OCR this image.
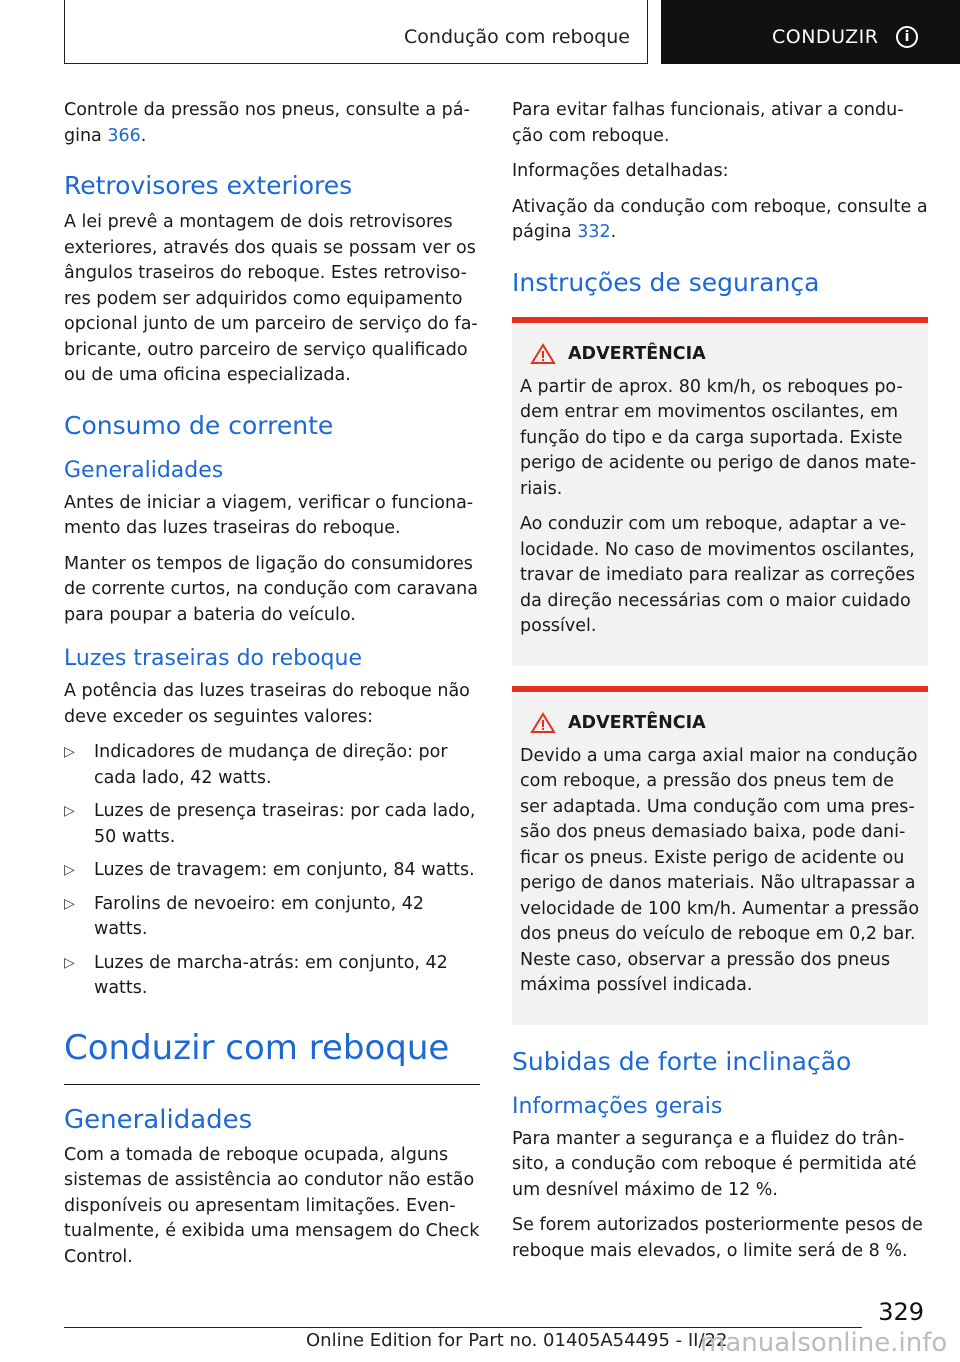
Condução com reboque	CONDUZIR	i

Controle da pressão nos pneus, consulte a pá-gina 366.

Retrovisores exteriores

A lei prevê a montagem de dois retrovisores exteriores, através dos quais se possam ver os ângulos traseiros do reboque. Estes retroviso-res podem ser adquiridos como equipamento opcional junto de um parceiro de serviço do fa-bricante, outro parceiro de serviço qualificado ou de uma oficina especializada.

Consumo de corrente
Generalidades

Antes de iniciar a viagem, verificar o funciona-mento das luzes traseiras do reboque.

Manter os tempos de ligação do consumidores de corrente curtos, na condução com caravana para poupar a bateria do veículo.

Luzes traseiras do reboque

A potência das luzes traseiras do reboque não deve exceder os seguintes valores:

▷ Indicadores de mudança de direção: por cada lado, 42 watts.
▷ Luzes de presença traseiras: por cada lado, 50 watts.
▷ Luzes de travagem: em conjunto, 84 watts.
▷ Farolins de nevoeiro: em conjunto, 42 watts.
▷ Luzes de marcha-atrás: em conjunto, 42 watts.
Conduzir com reboque
Generalidades

Com a tomada de reboque ocupada, alguns sistemas de assistência ao condutor não estão disponíveis ou apresentam limitações. Even-tualmente, é exibida uma mensagem do Check Control.

Para evitar falhas funcionais, ativar a condu-ção com reboque.

Informações detalhadas:

Ativação da condução com reboque, consulte a página 332.

Instruções de segurança
ADVERTÊNCIA

A partir de aprox. 80 km/h, os reboques po-dem entrar em movimentos oscilantes, em função do tipo e da carga suportada. Existe perigo de acidente ou perigo de danos mate-riais.

Ao conduzir com um reboque, adaptar a ve-locidade. No caso de movimentos oscilantes, travar de imediato para realizar as correções da direção necessárias com o maior cuidado possível.

ADVERTÊNCIA

Devido a uma carga axial maior na condução com reboque, a pressão dos pneus tem de ser adaptada. Uma condução com uma pres-são dos pneus demasiado baixa, pode dani-ficar os pneus. Existe perigo de acidente ou perigo de danos materiais. Não ultrapassar a velocidade de 100 km/h. Aumentar a pressão dos pneus do veículo de reboque em 0,2 bar. Neste caso, observar a pressão dos pneus máxima possível indicada.

Subidas de forte inclinação
Informações gerais

Para manter a segurança e a fluidez do trân-sito, a condução com reboque é permitida até um desnível máximo de 12 %.

Se forem autorizados posteriormente pesos de reboque mais elevados, o limite será de 8 %.

329
Online Edition for Part no. 01405A54495 - II/22
manualsonline.info
